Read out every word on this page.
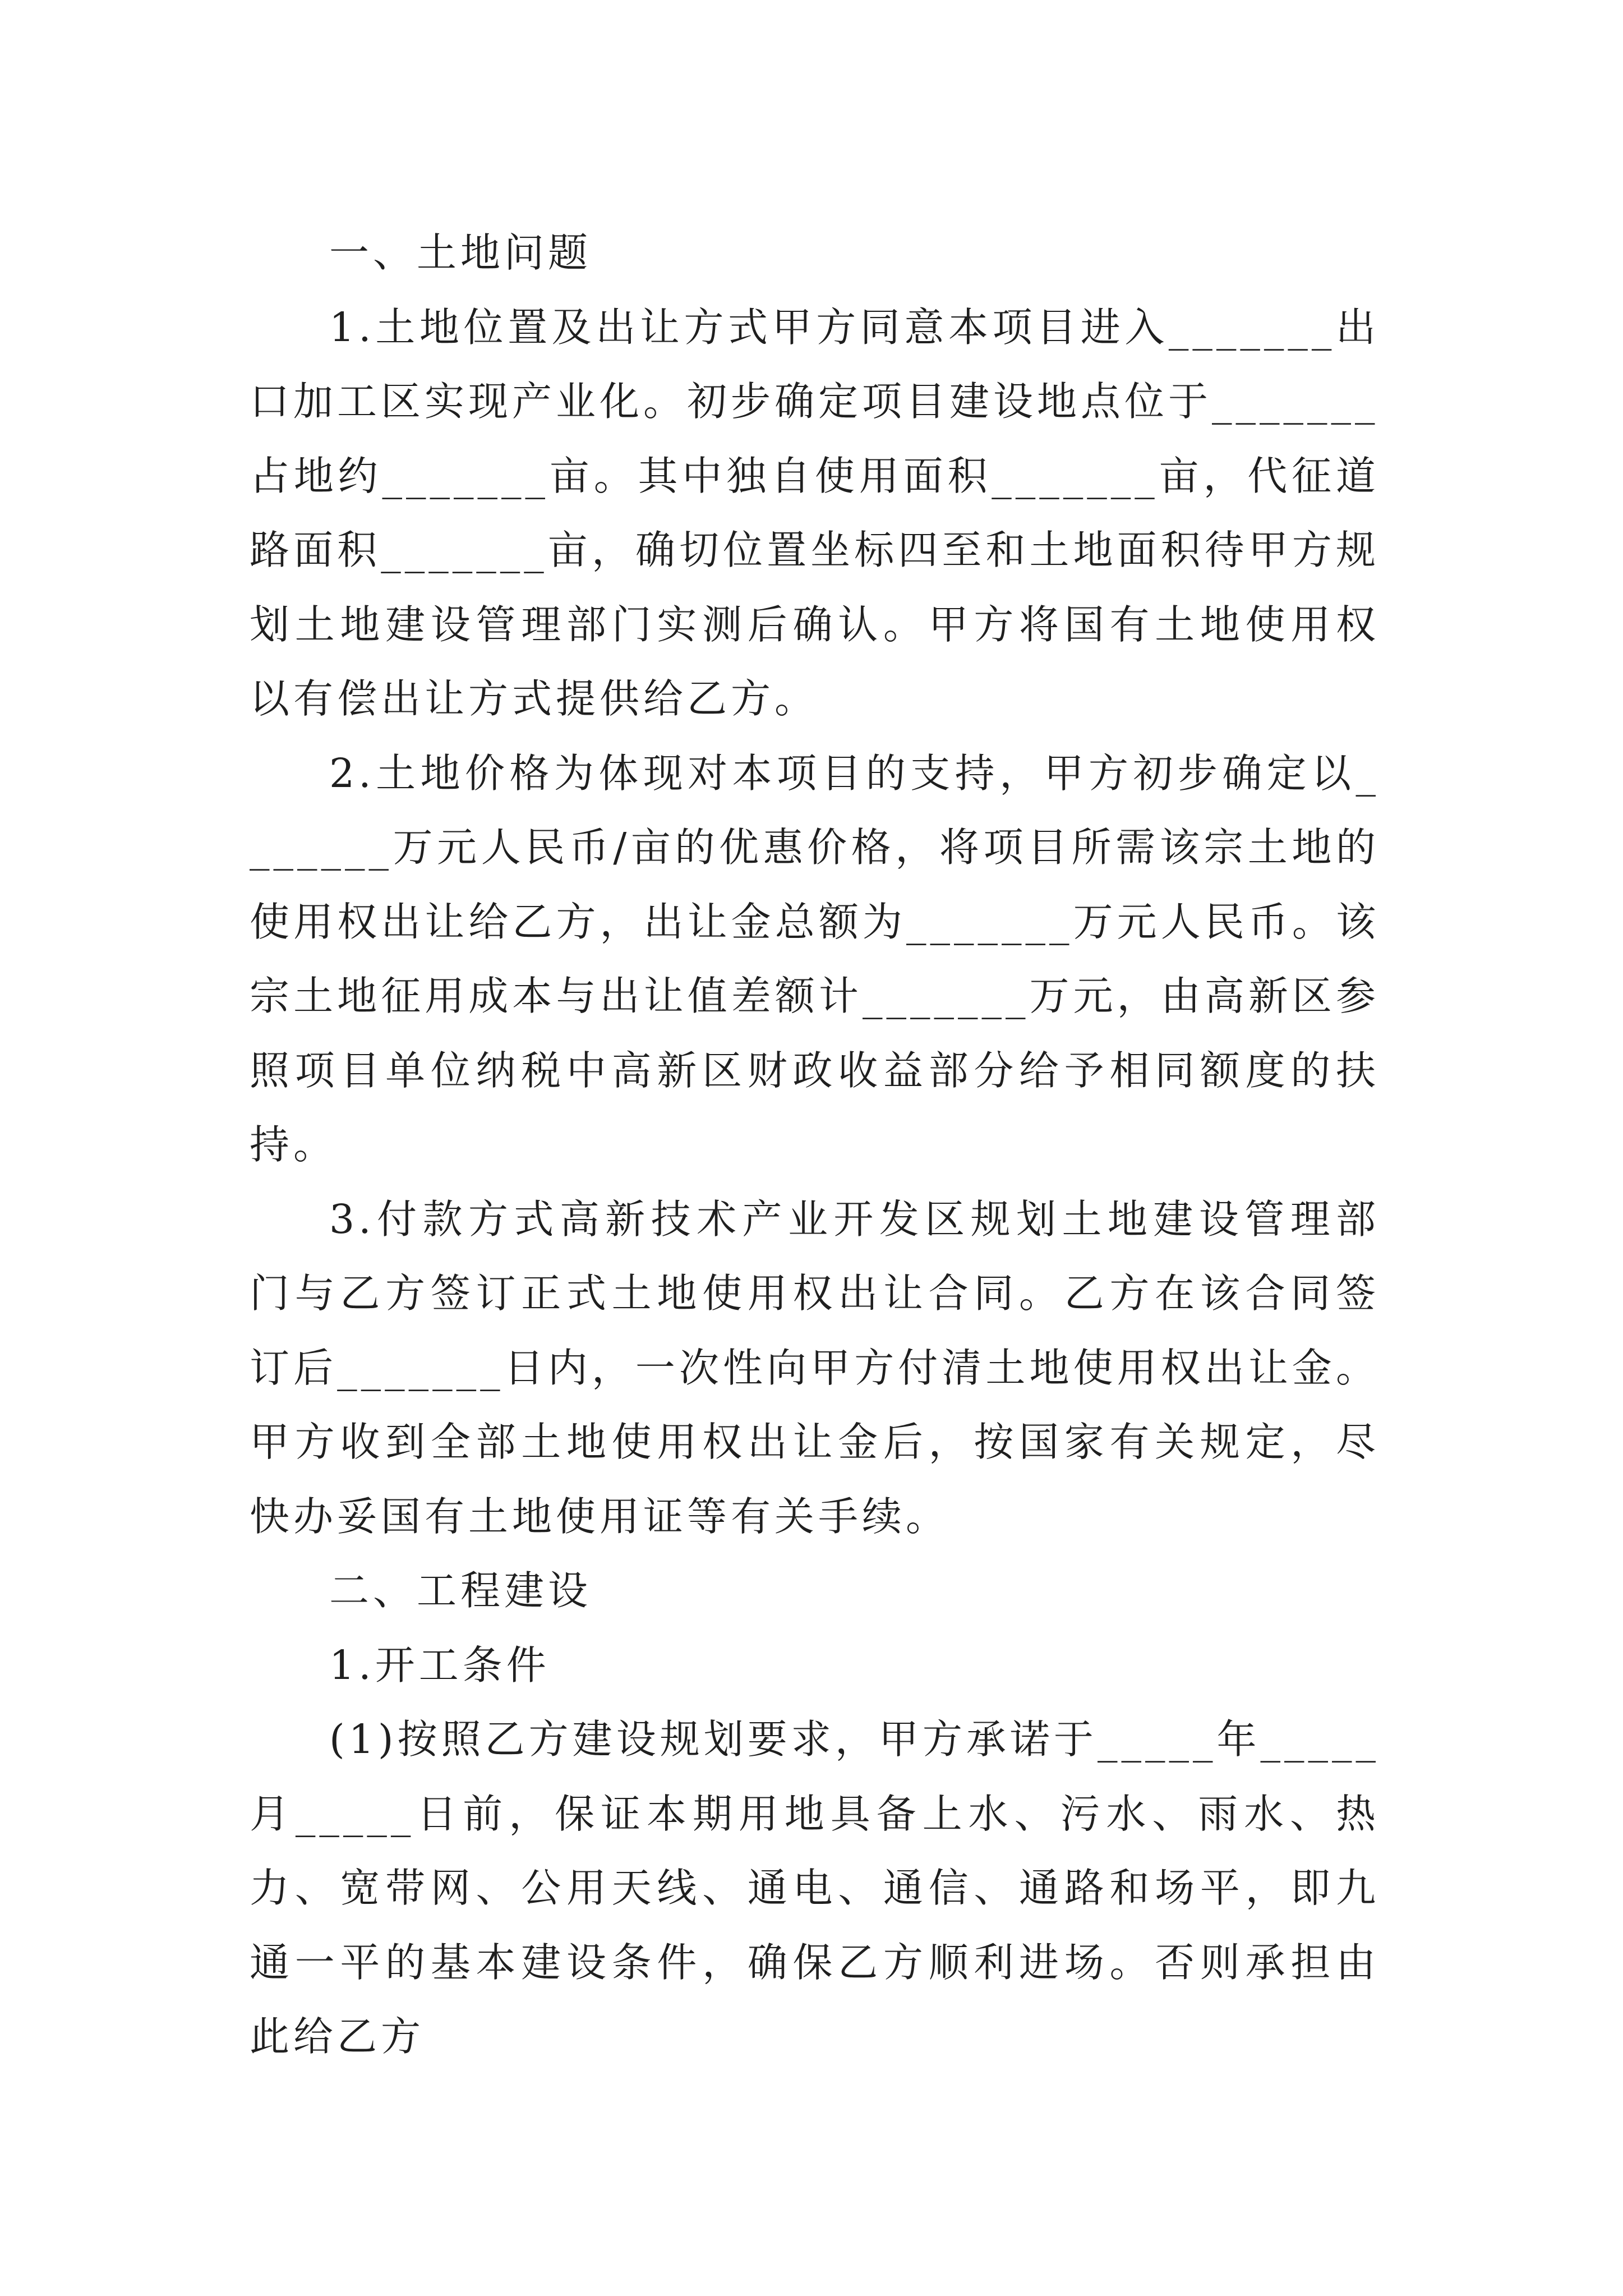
一、土地问题

1.土地位置及出让方式甲方同意本项目进入_______出口加工区实现产业化。初步确定项目建设地点位于_______

占地约_______亩。其中独自使用面积_______亩，代征道路面积_______亩，确切位置坐标四至和土地面积待甲方规划土地建设管理部门实测后确认。甲方将国有土地使用权以有偿出让方式提供给乙方。

2.土地价格为体现对本项目的支持，甲方初步确定以_______万元人民币/亩的优惠价格，将项目所需该宗土地的使用权出让给乙方，出让金总额为_______万元人民币。该宗土地征用成本与出让值差额计_______万元，由高新区参照项目单位纳税中高新区财政收益部分给予相同额度的扶持。

3.付款方式高新技术产业开发区规划土地建设管理部门与乙方签订正式土地使用权出让合同。乙方在该合同签订后_______日内，一次性向甲方付清土地使用权出让金。甲方收到全部土地使用权出让金后，按国家有关规定，尽快办妥国有土地使用证等有关手续。

二、工程建设

1.开工条件

(1)按照乙方建设规划要求，甲方承诺于_____年_____月_____日前，保证本期用地具备上水、污水、雨水、热力、宽带网、公用天线、通电、通信、通路和场平，即九通一平的基本建设条件，确保乙方顺利进场。否则承担由此给乙方
